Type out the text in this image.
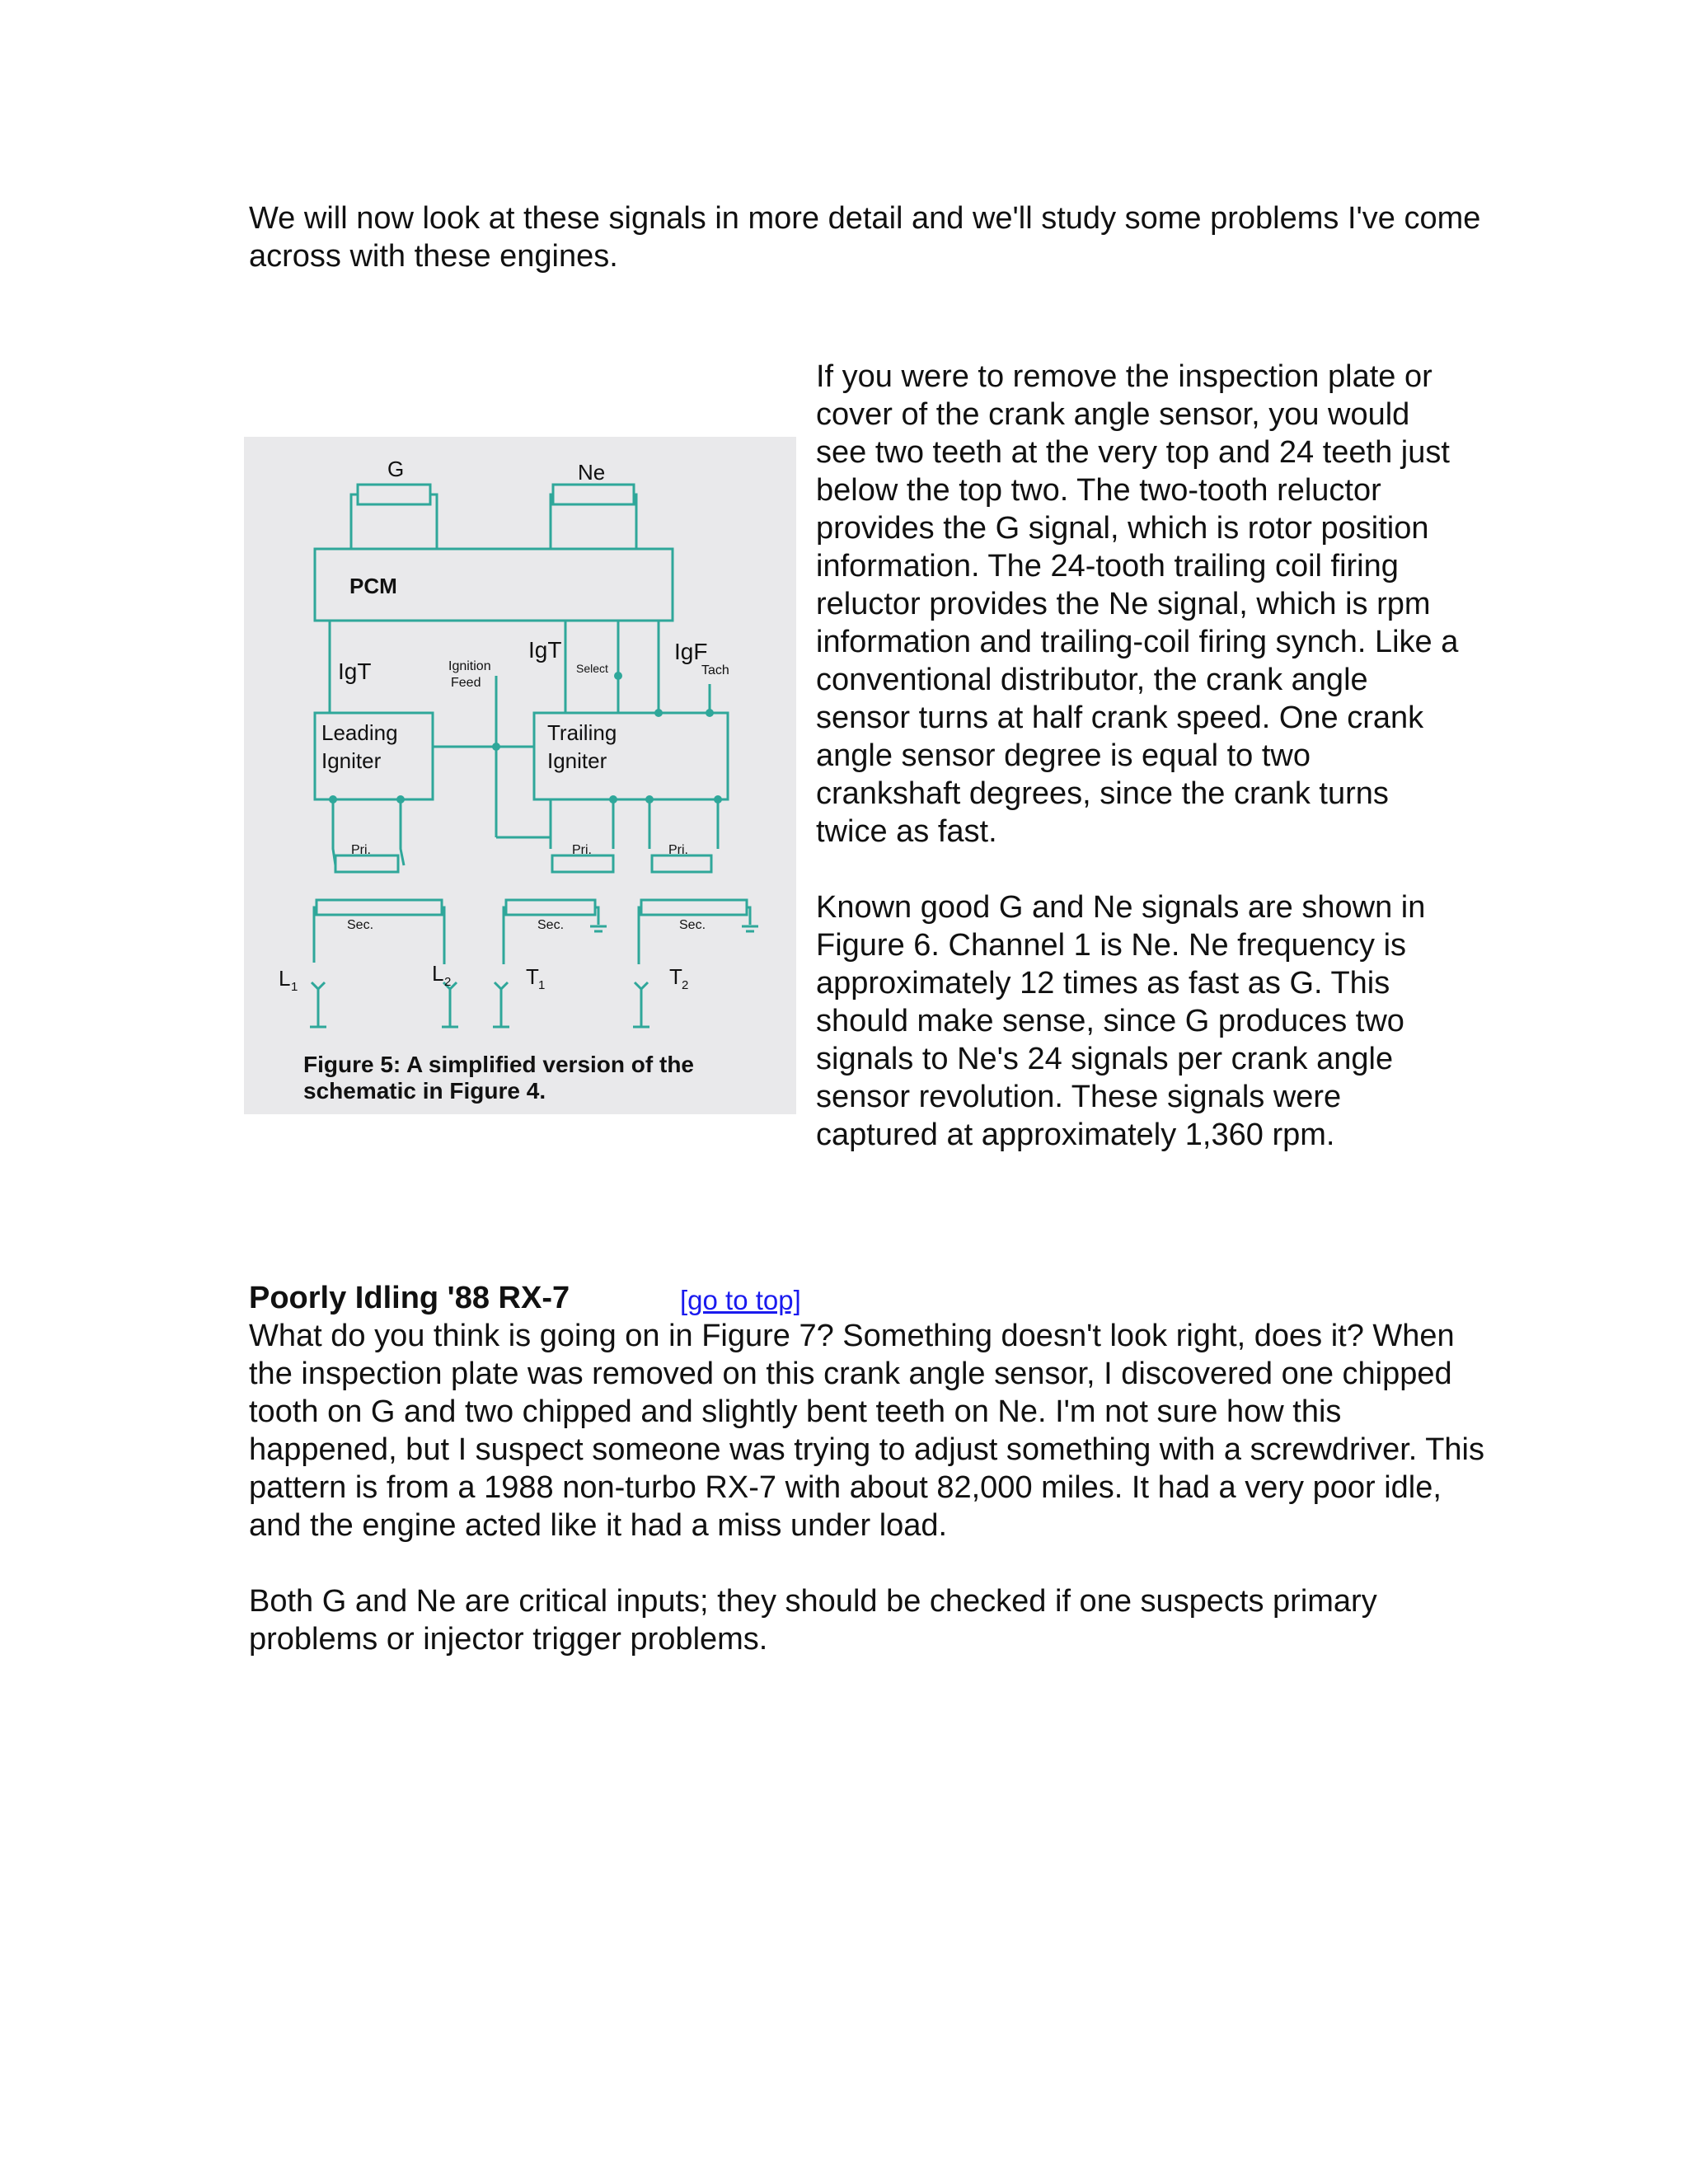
We will now look at these signals in more detail and we'll study some problems I've come across with these engines.

G	Ne
PCM
IgT
IgT	IgF
Ignition
Feed
Select	Tach
Leading
Igniter
Trailing
Igniter
Pri.	Pri.	Pri.
Sec.	Sec.	Sec.
L 1
L 2	T 1	T 2
Figure 5: A simplified version of the
schematic in Figure 4.

If you were to remove the inspection plate or cover of the crank angle sensor, you would see two teeth at the very top and 24 teeth just below the top two. The two-tooth reluctor provides the G signal, which is rotor position information. The 24-tooth trailing coil firing reluctor provides the Ne signal, which is rpm information and trailing-coil firing synch. Like a conventional distributor, the crank angle sensor turns at half crank speed. One crank angle sensor degree is equal to two crankshaft degrees, since the crank turns twice as fast.

Known good G and Ne signals are shown in Figure 6. Channel 1 is Ne. Ne frequency is approximately 12 times as fast as G. This should make sense, since G produces two signals to Ne's 24 signals per crank angle sensor revolution. These signals were captured at approximately 1,360 rpm.

Poorly Idling '88 RX-7	[go to top]

What do you think is going on in Figure 7? Something doesn't look right, does it? When the inspection plate was removed on this crank angle sensor, I discovered one chipped tooth on G and two chipped and slightly bent teeth on Ne. I'm not sure how this happened, but I suspect someone was trying to adjust something with a screwdriver. This pattern is from a 1988 non-turbo RX-7 with about 82,000 miles. It had a very poor idle, and the engine acted like it had a miss under load.

Both G and Ne are critical inputs; they should be checked if one suspects primary problems or injector trigger problems.
